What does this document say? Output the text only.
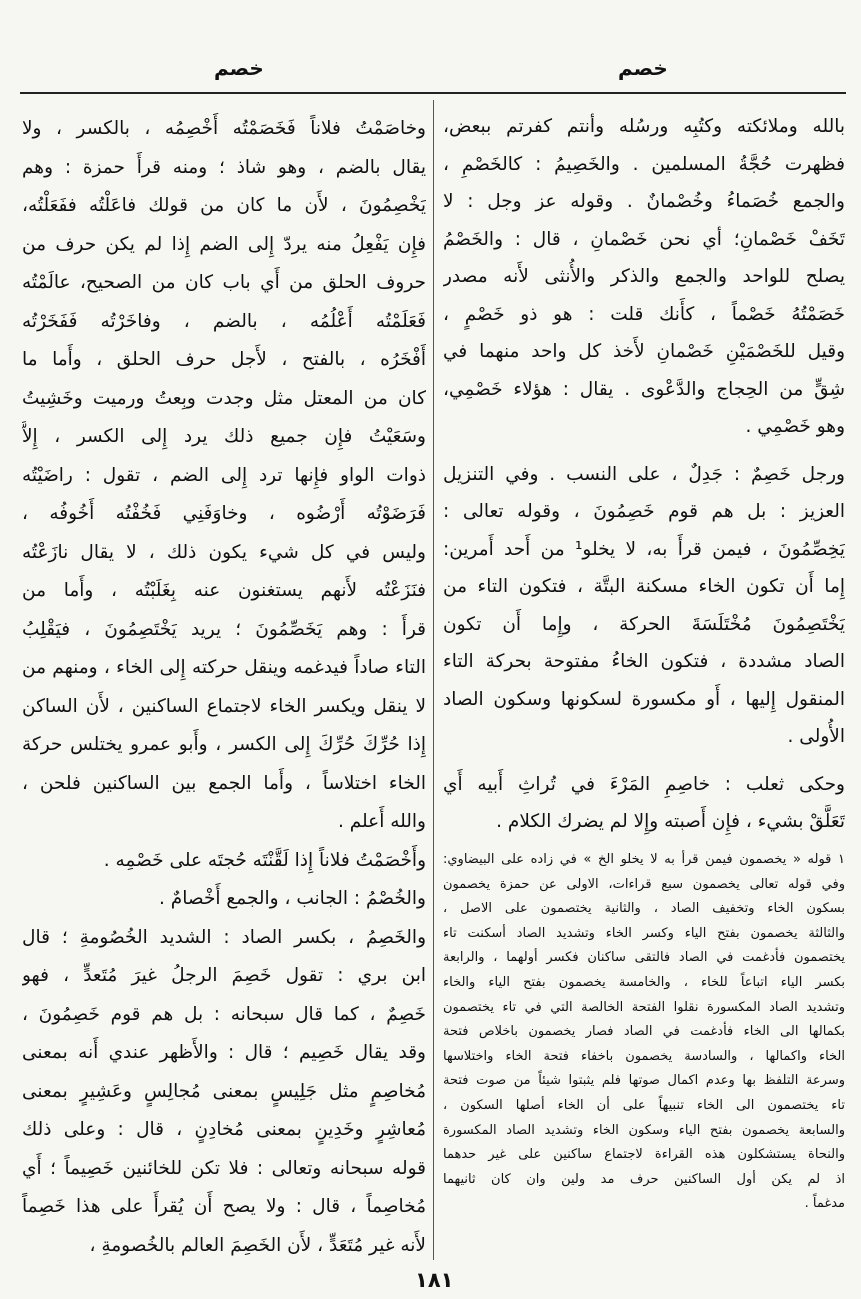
خصم
خصم
بالله وملائكته وكتُبِه ورسُله وأنتم كفرتم ببعض،
فظهرت حُجَّةُ المسلمين . والخَصِيمُ : كالخَصْمِ ،
والجمع خُصَماءُ وخُصْمانٌ . وقوله عز وجل : لا
تَخَفْ خَصْمانِ؛ أي نحن خَصْمانِ ، قال : والخَصْمُ
يصلح للواحد والجمع والذكر والأُنثى لأَنه مصدر
خَصَمْتُهُ خَصْماً ، كأَنك قلت : هو ذو خَصْمٍ ،
وقيل للخَصْمَيْنِ خَصْمانِ لأَخذ كل واحد منهما في
شِقٍّ من الحِجاج والدَّعْوى . يقال : هؤلاء خَصْمِي،
وهو خَصْمِي .
ورجل خَصِمٌ : جَدِلٌ ، على النسب . وفي التنزيل
العزيز : بل هم قوم خَصِمُونَ ، وقوله تعالى :
يَخِصِّمُونَ ، فيمن قرأَ به، لا يخلو¹ من أَحد أَمرين:
إِما أَن تكون الخاء مسكنة البتَّة ، فتكون التاء من
يَخْتَصِمُونَ مُخْتَلَسَةَ الحركة ، وإِما أَن تكون
الصاد مشددة ، فتكون الخاءُ مفتوحة بحركة التاء
المنقول إِليها ، أَو مكسورة لسكونها وسكون الصاد
الأُولى .
وحكى ثعلب : خاصِمِ المَرْءَ في تُراثِ أَبيه أَي
تَعَلَّقْ بشيء ، فإِن أَصبته وإِلا لم يضرك الكلام .
١ قوله « يخصمون فيمن قرأ به لا يخلو الخ » في زاده على البيضاوي:
وفي قوله تعالى يخصمون سبع قراءات، الاولى عن حمزة يخصمون
بسكون الخاء وتخفيف الصاد ، والثانية يختصمون على الاصل ،
والثالثة يخصمون بفتح الياء وكسر الخاء وتشديد الصاد أسكنت تاء
يختصمون فأدغمت في الصاد فالتقى ساكنان فكسر أولهما ، والرابعة
بكسر الياء اتباعاً للخاء ، والخامسة يخصمون بفتح الياء والخاء
وتشديد الصاد المكسورة نقلوا الفتحة الخالصة التي في تاء يختصمون
بكمالها الى الخاء فأدغمت في الصاد فصار يخصمون باخلاص فتحة
الخاء واكمالها ، والسادسة يخصمون باخفاء فتحة الخاء واختلاسها
وسرعة التلفظ بها وعدم اكمال صوتها فلم يثبتوا شيئاً من صوت فتحة
تاء يختصمون الى الخاء تنبيهاً على أن الخاء أصلها السكون ،
والسابعة يخصمون بفتح الياء وسكون الخاء وتشديد الصاد المكسورة
والنحاة يستشكلون هذه القراءة لاجتماع ساكنين على غير حدهما
اذ لم يكن أول الساكنين حرف مد ولين وان كان ثانيهما
مدغماً .
وخاصَمْتُ فلاناً فَخَصَمْتُه أَخْصِمُه ، بالكسر ، ولا
يقال بالضم ، وهو شاذ ؛ ومنه قرأَ حمزة : وهم
يَخْصِمُونَ ، لأَن ما كان من قولك فاعَلْتُه ففَعَلْتُه،
فإِن يَفْعِلُ منه يردّ إِلى الضم إِذا لم يكن حرف من
حروف الحلق من أَي باب كان من الصحيح، عالَمْتُه
فَعَلَمْتُه أَعْلُمُه ، بالضم ، وفاخَرْتُه فَفَخَرْتُه
أَفْخَرُه ، بالفتح ، لأَجل حرف الحلق ، وأَما ما
كان من المعتل مثل وجدت وبِعتُ ورميت وخَشِيتُ
وسَعَيْتُ فإِن جميع ذلك يرد إِلى الكسر ، إِلاَّ
ذوات الواو فإِنها ترد إِلى الضم ، تقول : راضَيْتُه
فَرَضَوْتُه أَرْضُوه ، وخاوَفَنِي فَخُفْتُه أَخُوفُه ،
وليس في كل شيء يكون ذلك ، لا يقال نازَعْتُه
فنَزَعْتُه لأَنهم يستغنون عنه بِغَلَبْتُه ، وأَما من
قرأَ : وهم يَخَصِّمُونَ ؛ يريد يَخْتَصِمُونَ ، فيَقْلِبُ
التاء صاداً فيدغمه وينقل حركته إِلى الخاء ، ومنهم من
لا ينقل ويكسر الخاء لاجتماع الساكنين ، لأَن الساكن
إِذا حُرِّكَ حُرِّكَ إِلى الكسر ، وأَبو عمرو يختلس حركة
الخاء اختلاساً ، وأَما الجمع بين الساكنين فلحن ،
والله أَعلم .
وأَخْصَمْتُ فلاناً إِذا لَقَّنْتَه حُجتَه على خَصْمِه .
والخُصْمُ : الجانب ، والجمع أَخْصامٌ .
والخَصِمُ ، بكسر الصاد : الشديد الخُصُومةِ ؛ قال
ابن بري : تقول خَصِمَ الرجلُ غيرَ مُتَعدٍّ ، فهو
خَصِمٌ ، كما قال سبحانه : بل هم قوم خَصِمُونَ ،
وقد يقال خَصِيم ؛ قال : والأَظهر عندي أَنه بمعنى
مُخاصِمٍ مثل جَلِيسٍ بمعنى مُجالِسٍ وعَشِيرٍ بمعنى
مُعاشِرٍ وخَدِينٍ بمعنى مُخادِنٍ ، قال : وعلى ذلك
قوله سبحانه وتعالى : فلا تكن للخائنين خَصِيماً ؛ أَي
مُخاصِماً ، قال : ولا يصح أَن يُقرأَ على هذا خَصِماً
لأَنه غير مُتَعَدٍّ ، لأَن الخَصِمَ العالم بالخُصومةِ ،
١٨١
